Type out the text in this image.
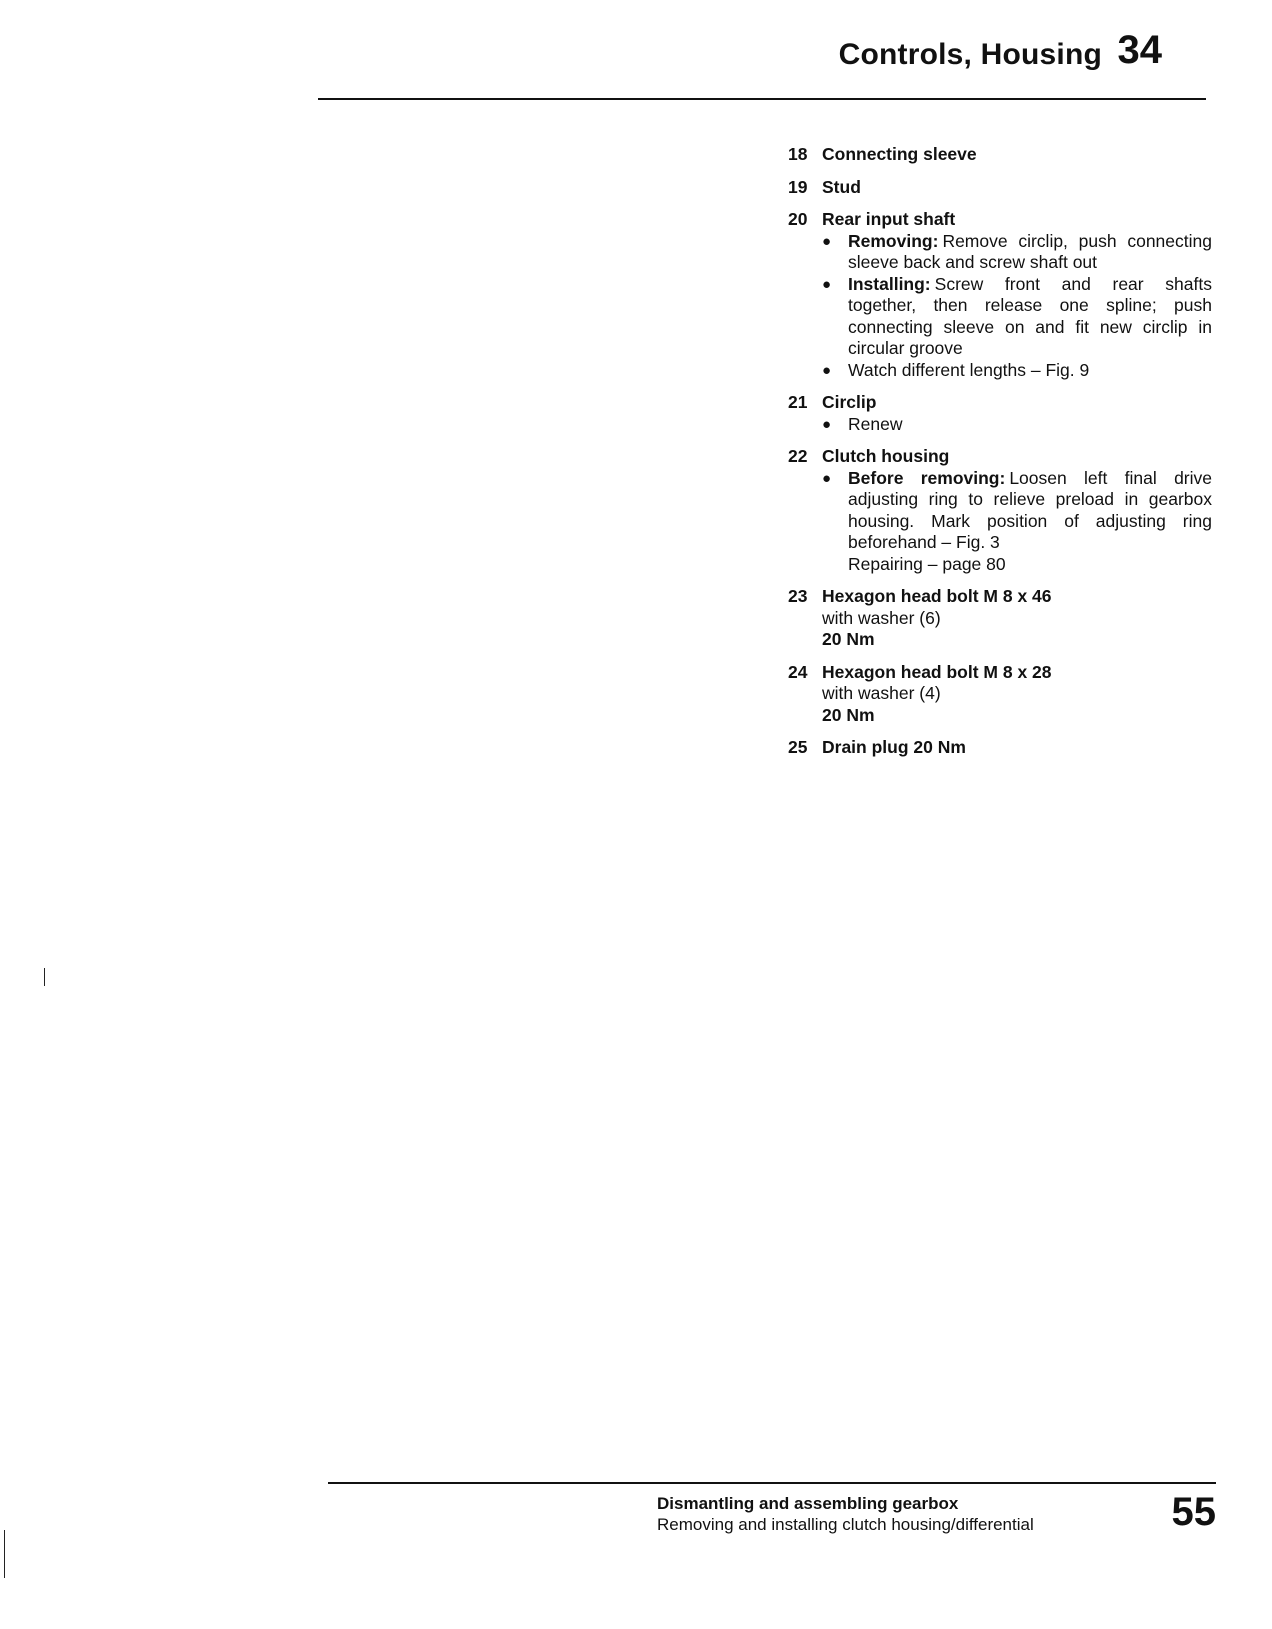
Controls, Housing 34
18 Connecting sleeve
19 Stud
20 Rear input shaft
● Removing: Remove circlip, push connecting sleeve back and screw shaft out
● Installing: Screw front and rear shafts together, then release one spline; push connecting sleeve on and fit new circlip in circular groove
● Watch different lengths – Fig. 9
21 Circlip
● Renew
22 Clutch housing
● Before removing: Loosen left final drive adjusting ring to relieve preload in gearbox housing. Mark position of adjusting ring beforehand – Fig. 3
Repairing – page 80
23 Hexagon head bolt M 8 x 46
with washer (6)
20 Nm
24 Hexagon head bolt M 8 x 28
with washer (4)
20 Nm
25 Drain plug 20 Nm
Dismantling and assembling gearbox
Removing and installing clutch housing/differential	55
